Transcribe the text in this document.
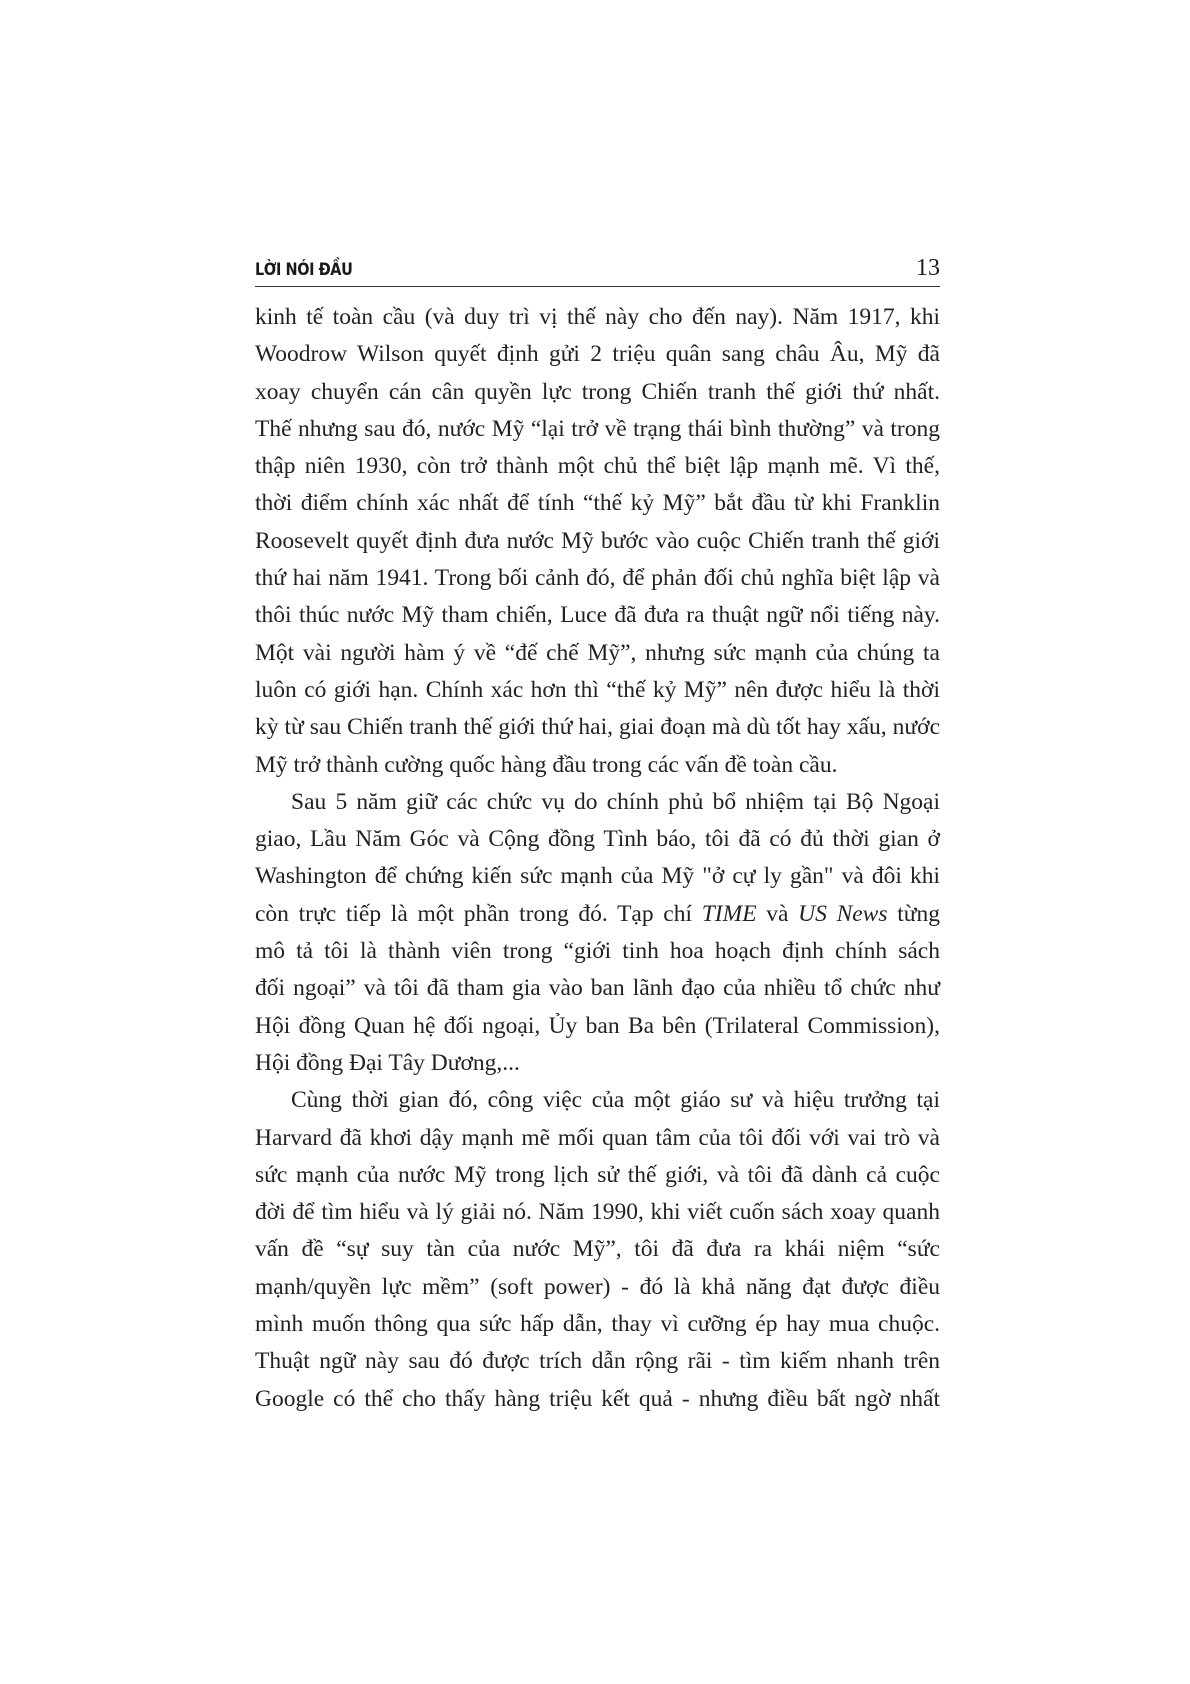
LỜI NÓI ĐẦU	13

kinh tế toàn cầu (và duy trì vị thế này cho đến nay). Năm 1917, khi
Woodrow Wilson quyết định gửi 2 triệu quân sang châu Âu, Mỹ đã
xoay chuyển cán cân quyền lực trong Chiến tranh thế giới thứ nhất.
Thế nhưng sau đó, nước Mỹ “lại trở về trạng thái bình thường” và trong
thập niên 1930, còn trở thành một chủ thể biệt lập mạnh mẽ. Vì thế,
thời điểm chính xác nhất để tính “thế kỷ Mỹ” bắt đầu từ khi Franklin
Roosevelt quyết định đưa nước Mỹ bước vào cuộc Chiến tranh thế giới
thứ hai năm 1941. Trong bối cảnh đó, để phản đối chủ nghĩa biệt lập và
thôi thúc nước Mỹ tham chiến, Luce đã đưa ra thuật ngữ nổi tiếng này.
Một vài người hàm ý về “đế chế Mỹ”, nhưng sức mạnh của chúng ta
luôn có giới hạn. Chính xác hơn thì “thế kỷ Mỹ” nên được hiểu là thời
kỳ từ sau Chiến tranh thế giới thứ hai, giai đoạn mà dù tốt hay xấu, nước
Mỹ trở thành cường quốc hàng đầu trong các vấn đề toàn cầu.

Sau 5 năm giữ các chức vụ do chính phủ bổ nhiệm tại Bộ Ngoại
giao, Lầu Năm Góc và Cộng đồng Tình báo, tôi đã có đủ thời gian ở
Washington để chứng kiến sức mạnh của Mỹ "ở cự ly gần" và đôi khi
còn trực tiếp là một phần trong đó. Tạp chí TIME và US News từng
mô tả tôi là thành viên trong “giới tinh hoa hoạch định chính sách
đối ngoại” và tôi đã tham gia vào ban lãnh đạo của nhiều tổ chức như
Hội đồng Quan hệ đối ngoại, Ủy ban Ba bên (Trilateral Commission),
Hội đồng Đại Tây Dương,...

Cùng thời gian đó, công việc của một giáo sư và hiệu trưởng tại
Harvard đã khơi dậy mạnh mẽ mối quan tâm của tôi đối với vai trò và
sức mạnh của nước Mỹ trong lịch sử thế giới, và tôi đã dành cả cuộc
đời để tìm hiểu và lý giải nó. Năm 1990, khi viết cuốn sách xoay quanh
vấn đề “sự suy tàn của nước Mỹ”, tôi đã đưa ra khái niệm “sức
mạnh/quyền lực mềm” (soft power) - đó là khả năng đạt được điều
mình muốn thông qua sức hấp dẫn, thay vì cưỡng ép hay mua chuộc.
Thuật ngữ này sau đó được trích dẫn rộng rãi - tìm kiếm nhanh trên
Google có thể cho thấy hàng triệu kết quả - nhưng điều bất ngờ nhất
